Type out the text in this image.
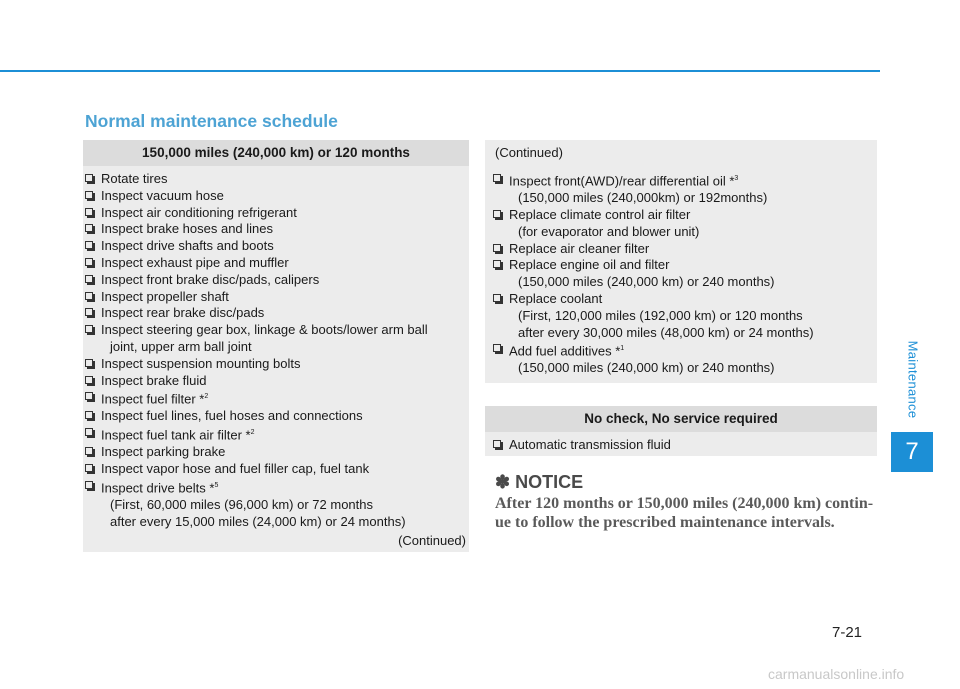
Maintenance
7
Normal maintenance schedule
150,000 miles (240,000 km) or 120 months
Rotate tires
Inspect vacuum hose
Inspect air conditioning refrigerant
Inspect brake hoses and lines
Inspect drive shafts and boots
Inspect exhaust pipe and muffler
Inspect front brake disc/pads, calipers
Inspect propeller shaft
Inspect rear brake disc/pads
Inspect steering gear box, linkage & boots/lower arm ball
joint, upper arm ball joint
Inspect suspension mounting bolts
Inspect brake fluid
Inspect fuel filter *$^2$
Inspect fuel lines, fuel hoses and connections
Inspect fuel tank air filter *$^2$
Inspect parking brake
Inspect vapor hose and fuel filler cap, fuel tank
Inspect drive belts *$^5$
(First, 60,000 miles (96,000 km) or 72 months
after every 15,000 miles (24,000 km) or 24 months)
(Continued)
(Continued)
Inspect front(AWD)/rear differential oil *$^3$
(150,000 miles (240,000km) or 192months)
Replace climate control air filter
(for evaporator and blower unit)
Replace air cleaner filter
Replace engine oil and filter
(150,000 miles (240,000 km) or 240 months)
Replace coolant
(First, 120,000 miles (192,000 km) or 120 months
after every 30,000 miles (48,000 km) or 24 months)
Add fuel additives *$^1$
(150,000 miles (240,000 km) or 240 months)
No check, No service required
Automatic transmission fluid
✽ NOTICE

After 120 months or 150,000 miles (240,000 km) contin-ue to follow the prescribed maintenance intervals.

7-21
carmanualsonline.info
